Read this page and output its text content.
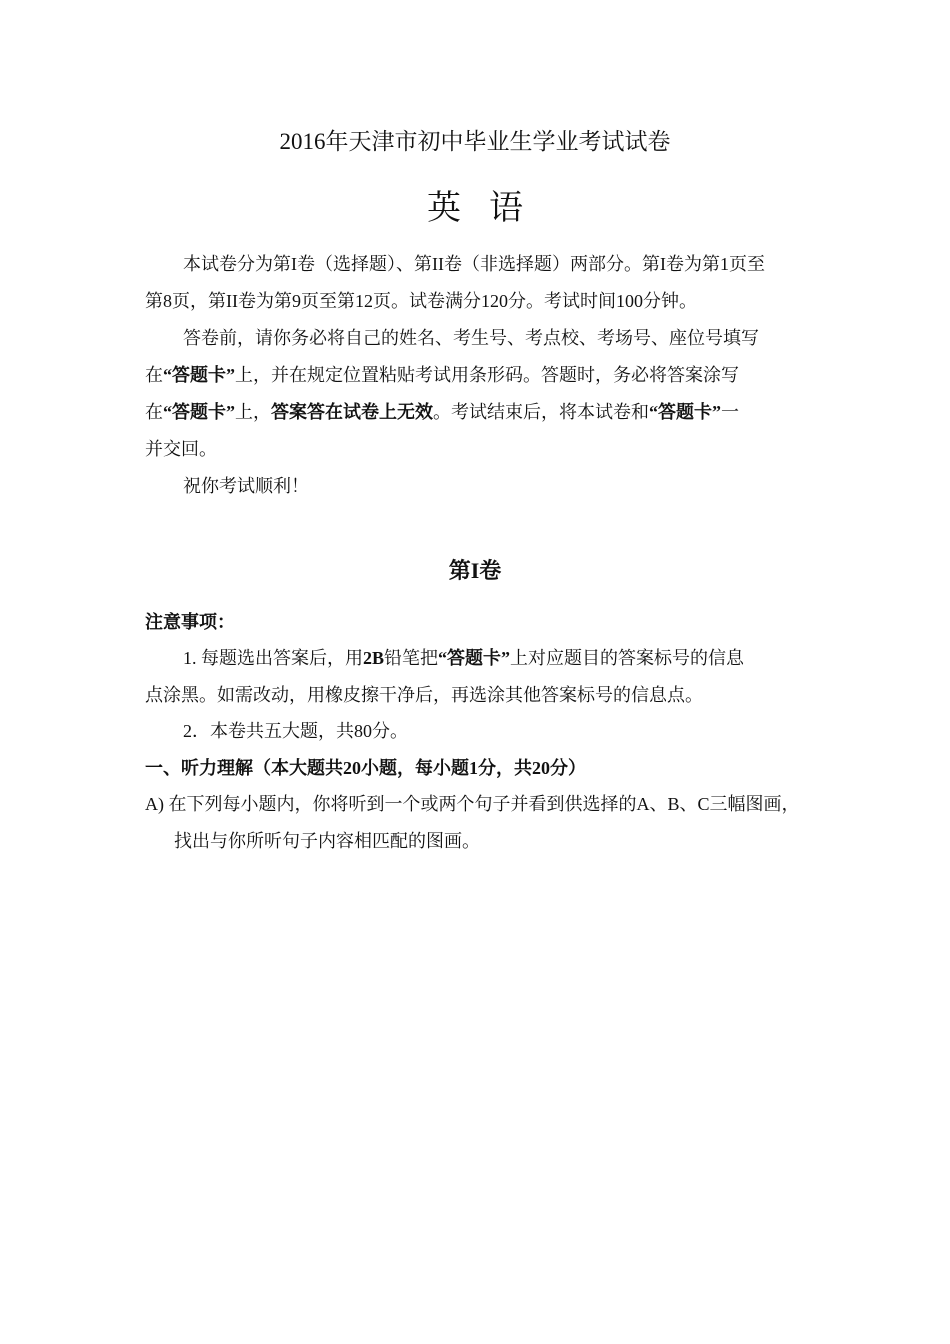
2016年天津市初中毕业生学业考试试卷
英语
本试卷分为第I卷（选择题）、第II卷（非选择题）两部分。第I卷为第1页至
第8页，第II卷为第9页至第12页。试卷满分120分。考试时间100分钟。
答卷前，请你务必将自己的姓名、考生号、考点校、考场号、座位号填写
在“答题卡”上，并在规定位置粘贴考试用条形码。答题时，务必将答案涂写
在“答题卡”上，答案答在试卷上无效。考试结束后，将本试卷和“答题卡”一
并交回。
祝你考试顺利！
第I卷
注意事项：
1. 每题选出答案后，用2B铅笔把“答题卡”上对应题目的答案标号的信息
点涂黑。如需改动，用橡皮擦干净后，再选涂其他答案标号的信息点。
2．本卷共五大题，共80分。
一、听力理解（本大题共20小题，每小题1分，共20分）
A) 在下列每小题内，你将听到一个或两个句子并看到供选择的A、B、C三幅图画，
找出与你所听句子内容相匹配的图画。
